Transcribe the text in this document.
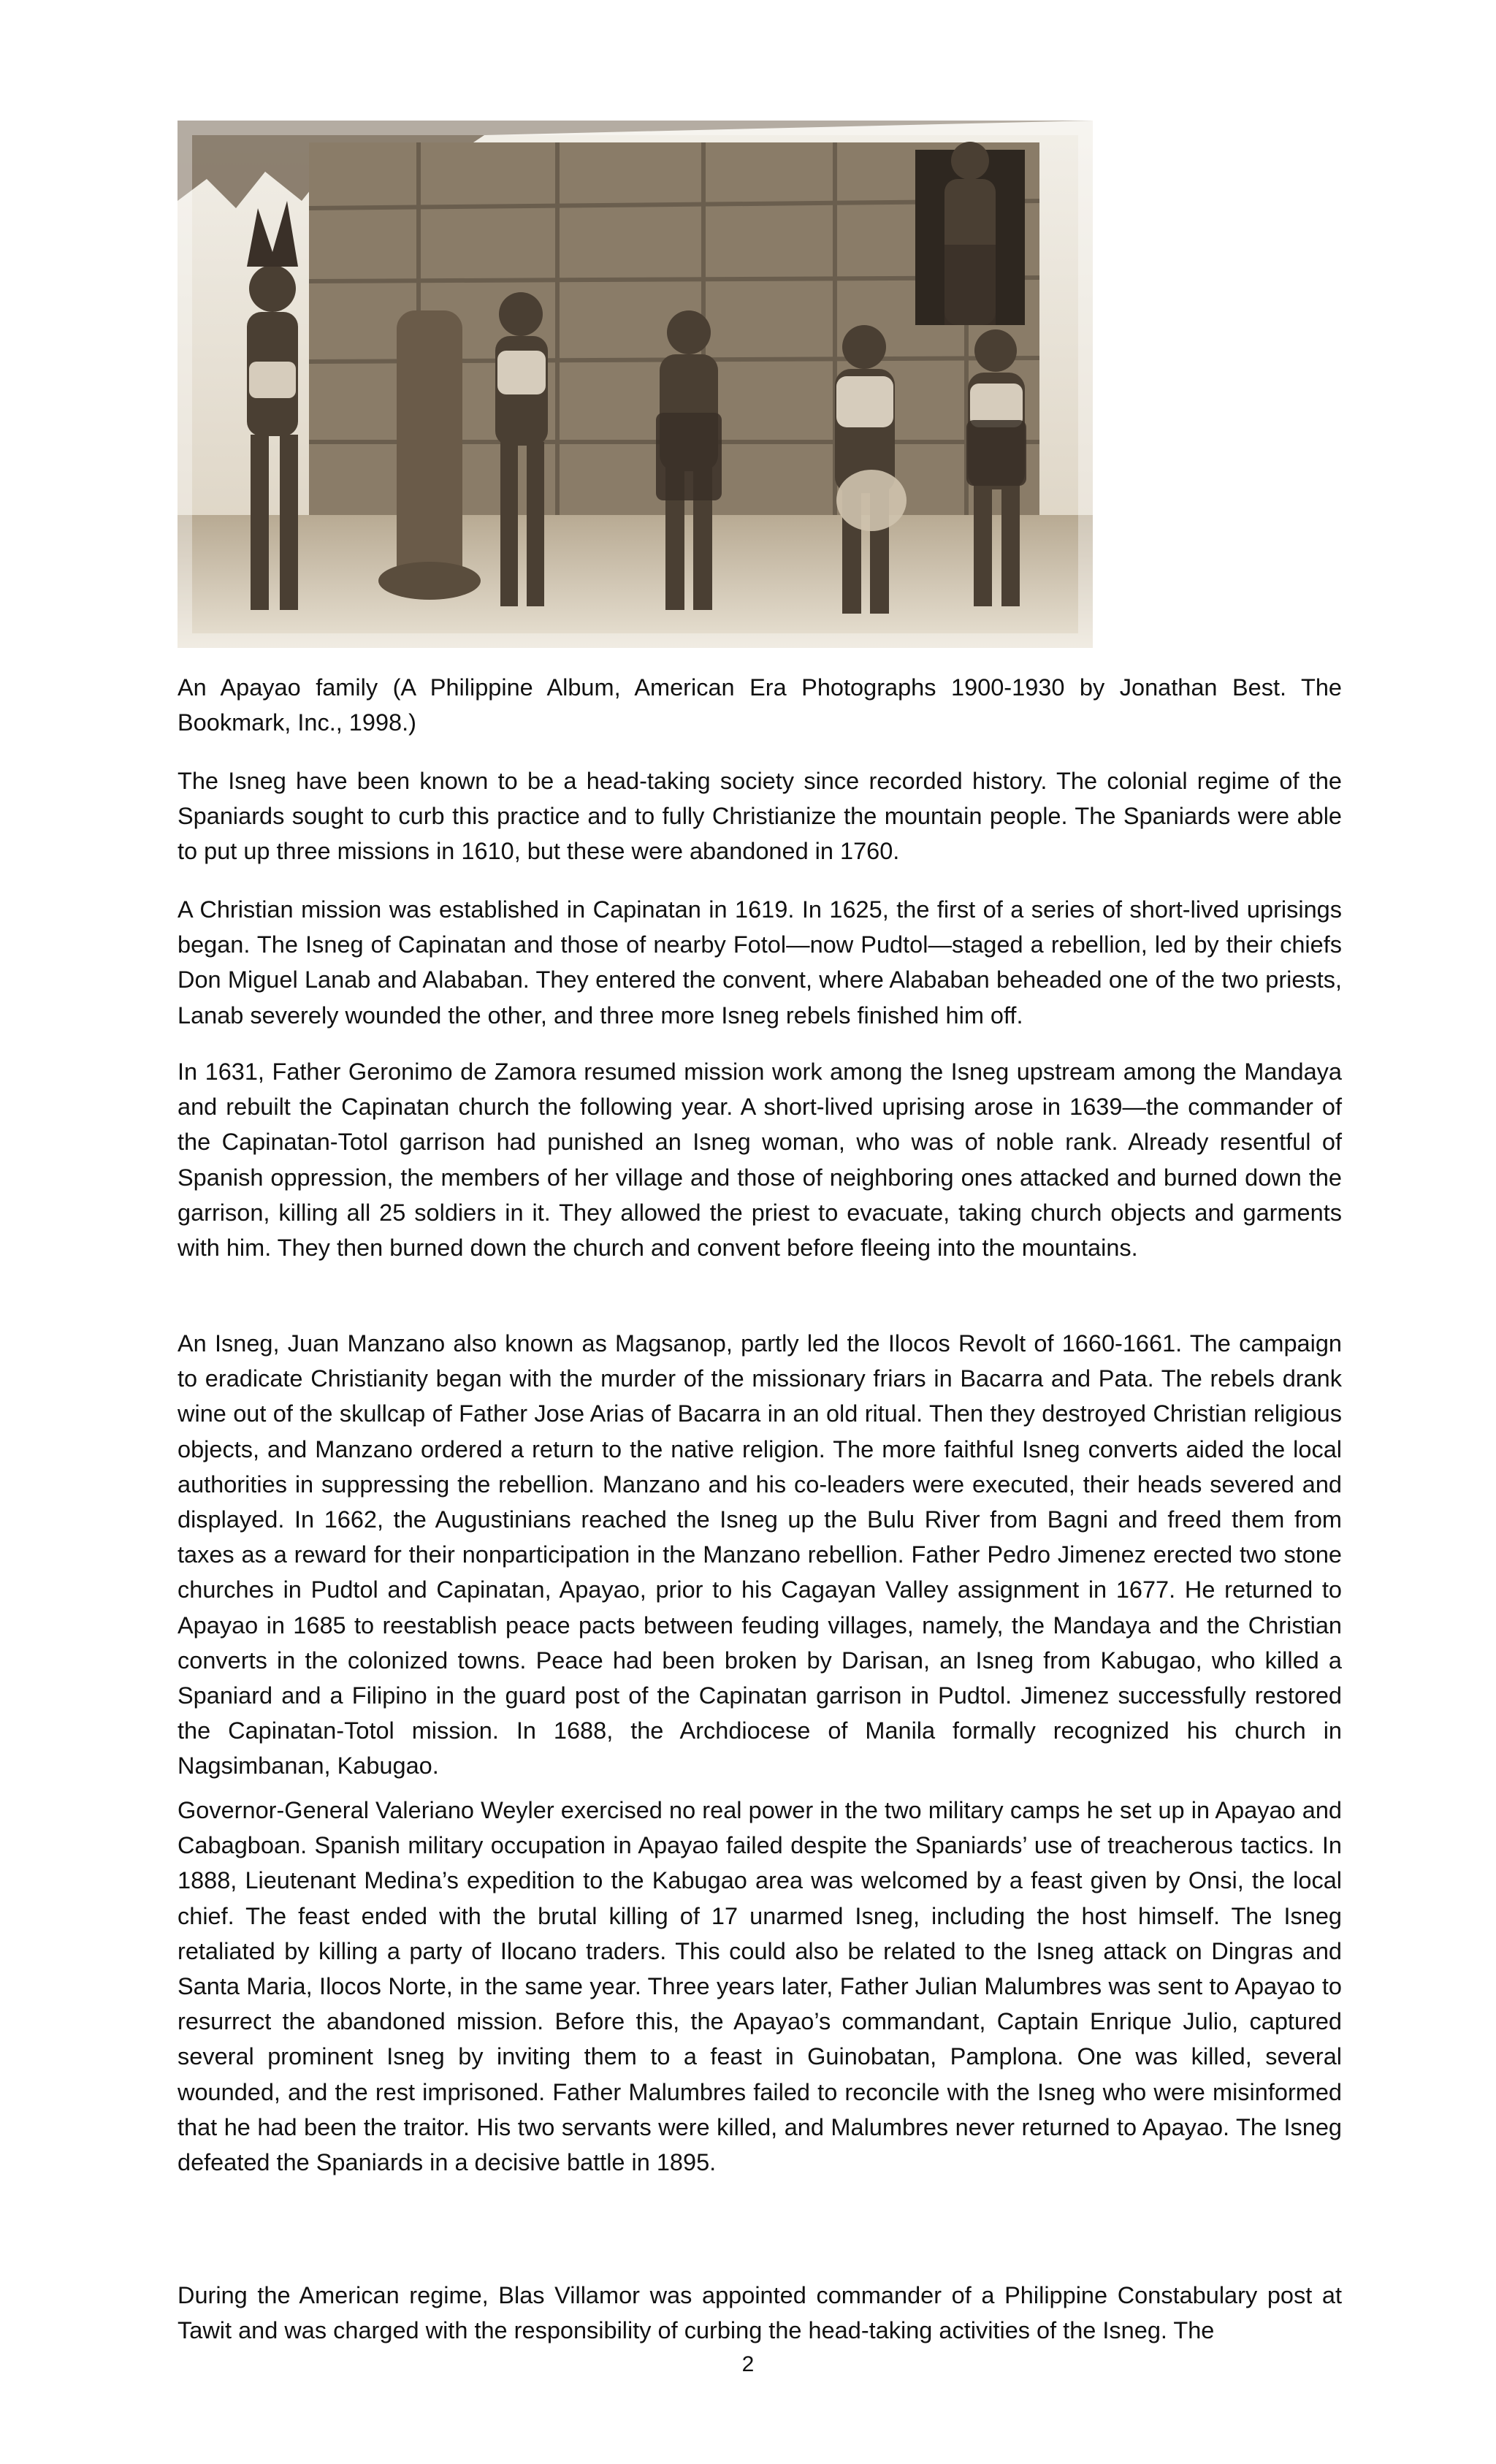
An Apayao family (A Philippine Album, American Era Photographs 1900-1930 by Jonathan Best. The Bookmark, Inc., 1998.)

The Isneg have been known to be a head-taking society since recorded history. The colonial regime of the Spaniards sought to curb this practice and to fully Christianize the mountain people. The Spaniards were able to put up three missions in 1610, but these were abandoned in 1760.

A Christian mission was established in Capinatan in 1619. In 1625, the first of a series of short-lived uprisings began. The Isneg of Capinatan and those of nearby Fotol—now Pudtol—staged a rebellion, led by their chiefs Don Miguel Lanab and Alababan. They entered the convent, where Alababan beheaded one of the two priests, Lanab severely wounded the other, and three more Isneg rebels finished him off.

In 1631, Father Geronimo de Zamora resumed mission work among the Isneg upstream among the Mandaya and rebuilt the Capinatan church the following year. A short-lived uprising arose in 1639—the commander of the Capinatan-Totol garrison had punished an Isneg woman, who was of noble rank. Already resentful of Spanish oppression, the members of her village and those of neighboring ones attacked and burned down the garrison, killing all 25 soldiers in it. They allowed the priest to evacuate, taking church objects and garments with him. They then burned down the church and convent before fleeing into the mountains.

An Isneg, Juan Manzano also known as Magsanop, partly led the Ilocos Revolt of 1660-1661. The campaign to eradicate Christianity began with the murder of the missionary friars in Bacarra and Pata. The rebels drank wine out of the skullcap of Father Jose Arias of Bacarra in an old ritual. Then they destroyed Christian religious objects, and Manzano ordered a return to the native religion. The more faithful Isneg converts aided the local authorities in suppressing the rebellion. Manzano and his co-leaders were executed, their heads severed and displayed. In 1662, the Augustinians reached the Isneg up the Bulu River from Bagni and freed them from taxes as a reward for their nonparticipation in the Manzano rebellion. Father Pedro Jimenez erected two stone churches in Pudtol and Capinatan, Apayao, prior to his Cagayan Valley assignment in 1677. He returned to Apayao in 1685 to reestablish peace pacts between feuding villages, namely, the Mandaya and the Christian converts in the colonized towns. Peace had been broken by Darisan, an Isneg from Kabugao, who killed a Spaniard and a Filipino in the guard post of the Capinatan garrison in Pudtol. Jimenez successfully restored the Capinatan-Totol mission. In 1688, the Archdiocese of Manila formally recognized his church in Nagsimbanan, Kabugao.

Governor-General Valeriano Weyler exercised no real power in the two military camps he set up in Apayao and Cabagboan. Spanish military occupation in Apayao failed despite the Spaniards’ use of treacherous tactics. In 1888, Lieutenant Medina’s expedition to the Kabugao area was welcomed by a feast given by Onsi, the local chief. The feast ended with the brutal killing of 17 unarmed Isneg, including the host himself. The Isneg retaliated by killing a party of Ilocano traders. This could also be related to the Isneg attack on Dingras and Santa Maria, Ilocos Norte, in the same year. Three years later, Father Julian Malumbres was sent to Apayao to resurrect the abandoned mission. Before this, the Apayao’s commandant, Captain Enrique Julio, captured several prominent Isneg by inviting them to a feast in Guinobatan, Pamplona. One was killed, several wounded, and the rest imprisoned. Father Malumbres failed to reconcile with the Isneg who were misinformed that he had been the traitor. His two servants were killed, and Malumbres never returned to Apayao. The Isneg defeated the Spaniards in a decisive battle in 1895.

During the American regime, Blas Villamor was appointed commander of a Philippine Constabulary post at Tawit and was charged with the responsibility of curbing the head-taking activities of the Isneg. The

2
